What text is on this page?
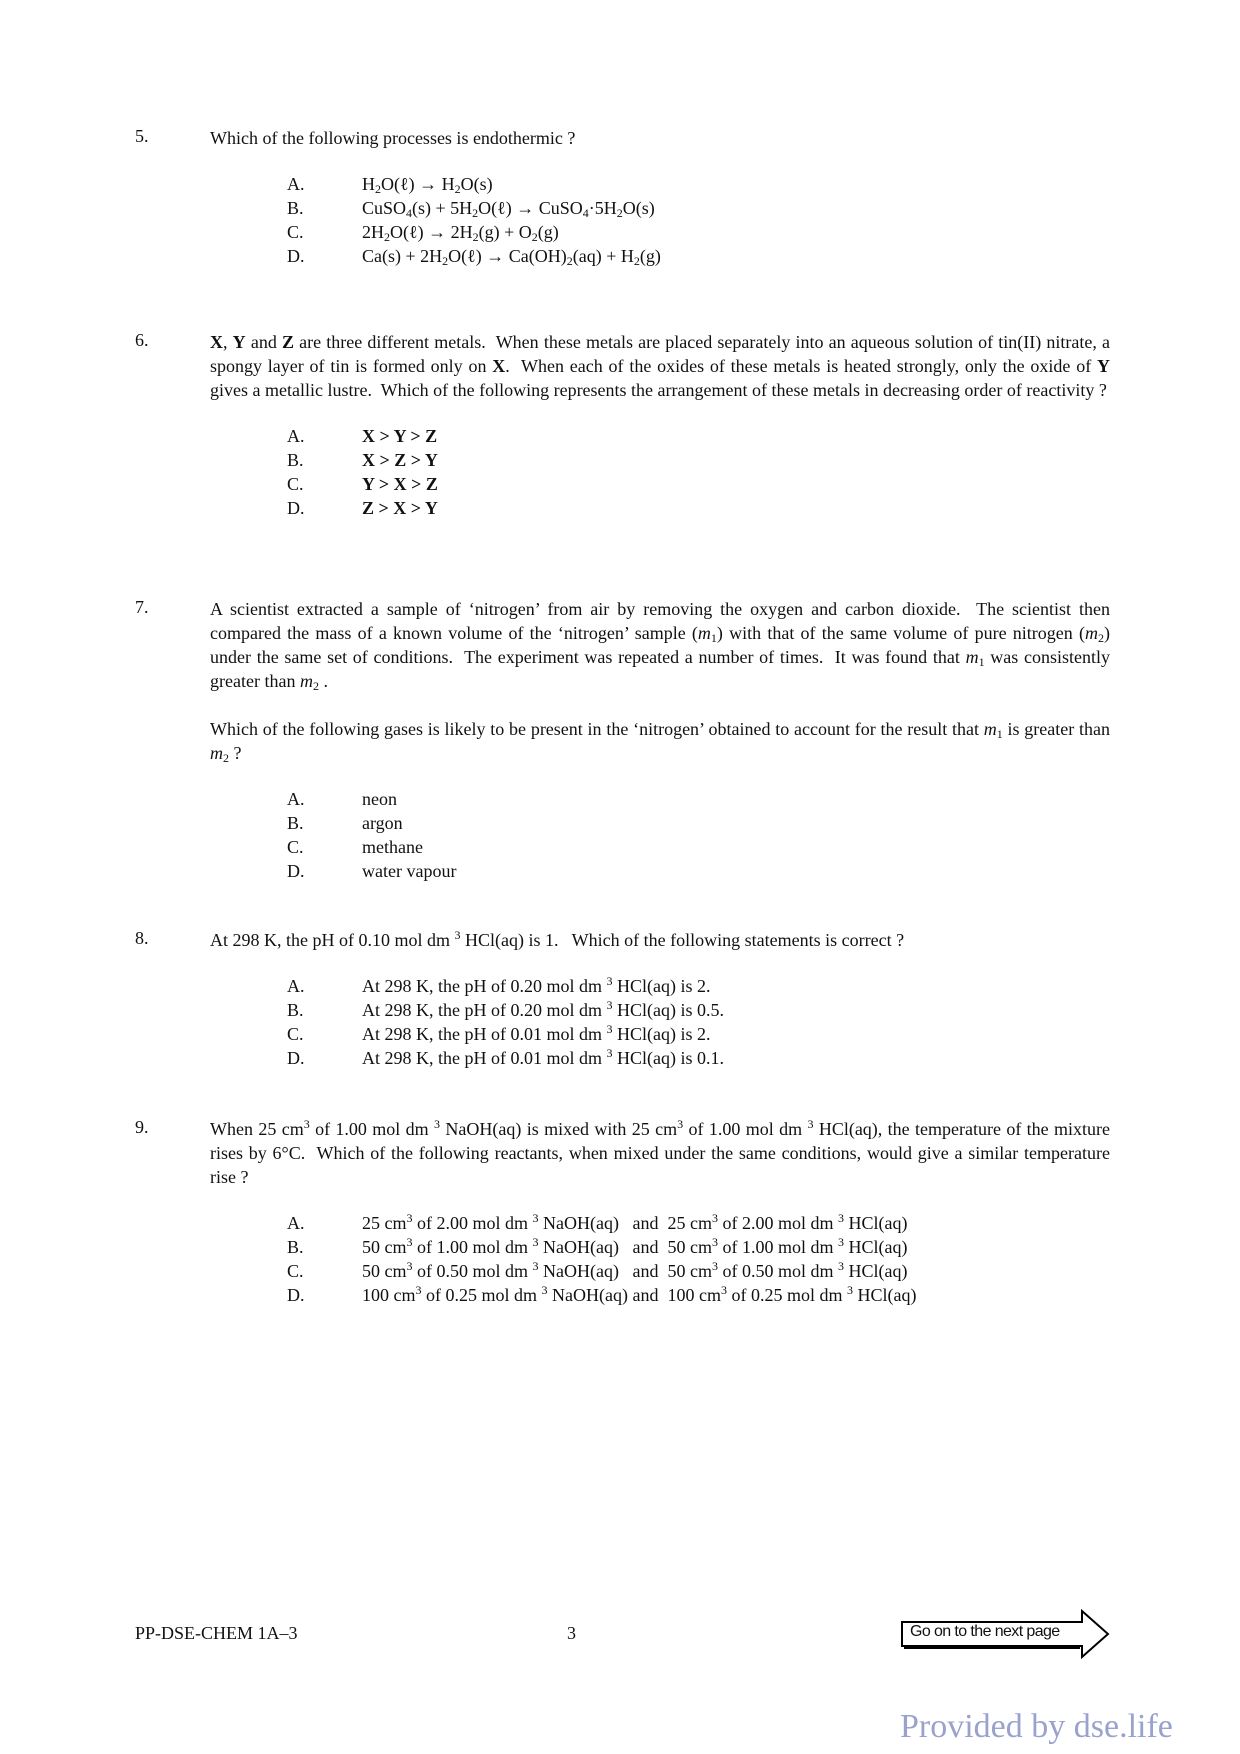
5.	Which of the following processes is endothermic ?

A.	$H_2O(\ell) \to H_2O(s)$
B.	CuSO$_4$(s) + $5H_2O(\ell)$ → $CuSO_4\cdot 5H_2O(s)$
C.	$2H_2O(\ell) \to 2H_2(g) + O_2(g)$
D.	$Ca(s) + 2H_2O(\ell) \to Ca(OH)_2(aq) + H_2(g)$
6.	X, Y and Z are three different metals.  When these metals are placed separately into an aqueous solution of tin(II) nitrate, a spongy layer of tin is formed only on X.  When each of the oxides of these metals is heated strongly, only the oxide of Y gives a metallic lustre.  Which of the following represents the arrangement of these metals in decreasing order of reactivity ?

A.	X > Y > Z
B.	X > Z > Y
C.	Y > X > Z
D.	Z > X > Y
7.	A scientist extracted a sample of ‘nitrogen’ from air by removing the oxygen and carbon dioxide.  The scientist then compared the mass of a known volume of the ‘nitrogen’ sample $(m_1)$ with that of the same volume of pure nitrogen $(m_2)$ under the same set of conditions.  The experiment was repeated a number of times.  It was found that $m_1$ was consistently greater than $m_2$ .

Which of the following gases is likely to be present in the ‘nitrogen’ obtained to account for the result that $m_1$ is greater than $m_2$ ?

A.	neon
B.	argon
C.	methane
D.	water vapour
8.	At 298 K, the pH of 0.10 mol dm $^3$ HCl(aq) is 1.   Which of the following statements is correct ?

A.	At 298 K, the pH of 0.20 mol dm $^3$ HCl(aq) is 2.
B.	At 298 K, the pH of 0.20 mol dm $^3$ HCl(aq) is 0.5.
C.	At 298 K, the pH of 0.01 mol dm $^3$ HCl(aq) is 2.
D.	At 298 K, the pH of 0.01 mol dm $^3$ HCl(aq) is 0.1.
9.	When 25 $cm^3$ of 1.00 mol dm $^3$ NaOH(aq) is mixed with 25 $cm^3$ of 1.00 mol dm $^3$ HCl(aq), the temperature of the mixture rises by 6°C.  Which of the following reactants, when mixed under the same conditions, would give a similar temperature rise ?

A.	25 $cm^3$ of 2.00 mol dm $^3$ NaOH(aq)   and  25 $cm^3$ of 2.00 mol dm $^3$ HCl(aq)
B.	50 $cm^3$ of 1.00 mol dm $^3$ NaOH(aq)   and  50 $cm^3$ of 1.00 mol dm $^3$ HCl(aq)
C.	50 $cm^3$ of 0.50 mol dm $^3$ NaOH(aq)   and  50 $cm^3$ of 0.50 mol dm $^3$ HCl(aq)
D.	100 $cm^3$ of 0.25 mol dm $^3$ NaOH(aq) and  100 $cm^3$ of 0.25 mol dm $^3$ HCl(aq)
PP-DSE-CHEM 1A–3	3	Go on to the next page
Provided by dse.life
